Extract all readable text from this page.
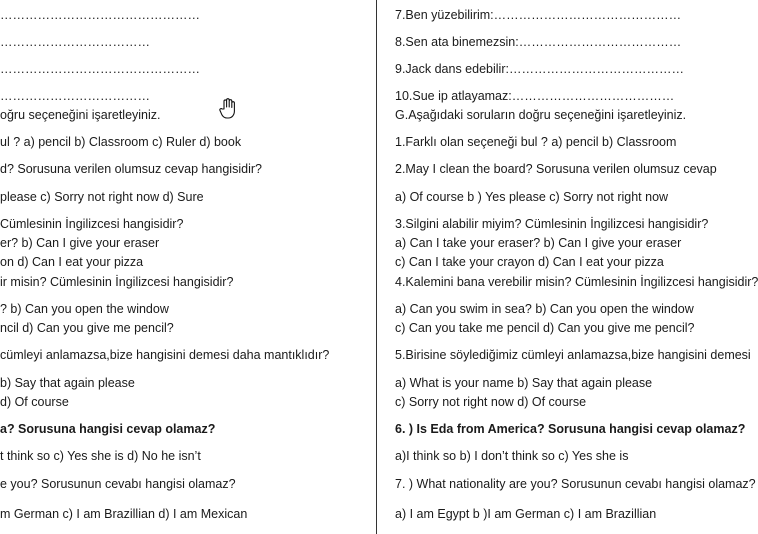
…………………………………………
………………………………
…………………………………………
………………………………
oğru seçeneğini işaretleyiniz.
ul ? a) pencil b) Classroom c) Ruler d) book
d? Sorusuna verilen olumsuz cevap hangisidir?
please c) Sorry not right now d) Sure
Cümlesinin İngilizcesi hangisidir?
er? b) Can I give your eraser
on d) Can I eat your pizza
ir misin? Cümlesinin İngilizcesi hangisidir?
? b) Can you open the window
ncil d) Can you give me pencil?
cümleyi anlamazsa,bize hangisini demesi daha mantıklıdır?
b) Say that again please
d) Of course
a? Sorusuna hangisi cevap olamaz?
t think so c) Yes she is d) No he isn’t
e you? Sorusunun cevabı hangisi olamaz?
m German c) I am Brazillian d) I am Mexican
7.Ben yüzebilirim:………………………………………
8.Sen ata binemezsin:…………………………………
9.Jack dans edebilir:……………………………………
10.Sue ip atlayamaz:…………………………………
G.Aşağıdaki soruların doğru seçeneğini işaretleyiniz.
1.Farklı olan seçeneği bul ? a) pencil b) Classroom
2.May I clean the board? Sorusuna verilen olumsuz cevap
a) Of course b ) Yes please c) Sorry not right now
3.Silgini alabilir miyim? Cümlesinin İngilizcesi hangisidir?
a) Can I take your eraser? b) Can I give your eraser
c) Can I take your crayon d) Can I eat your pizza
4.Kalemini bana verebilir misin? Cümlesinin İngilizcesi hangisidir?
a) Can you swim in sea? b) Can you open the window
c) Can you take me pencil d) Can you give me pencil?
5.Birisine söylediğimiz cümleyi anlamazsa,bize hangisini demesi
a) What is your name b) Say that again please
c) Sorry not right now d) Of course
6. ) Is Eda from America? Sorusuna hangisi cevap olamaz?
a)I think so b) I don’t think so c) Yes she is
7. ) What nationality are you? Sorusunun cevabı hangisi olamaz?
a) I am Egypt b )I am German c) I am Brazillian
